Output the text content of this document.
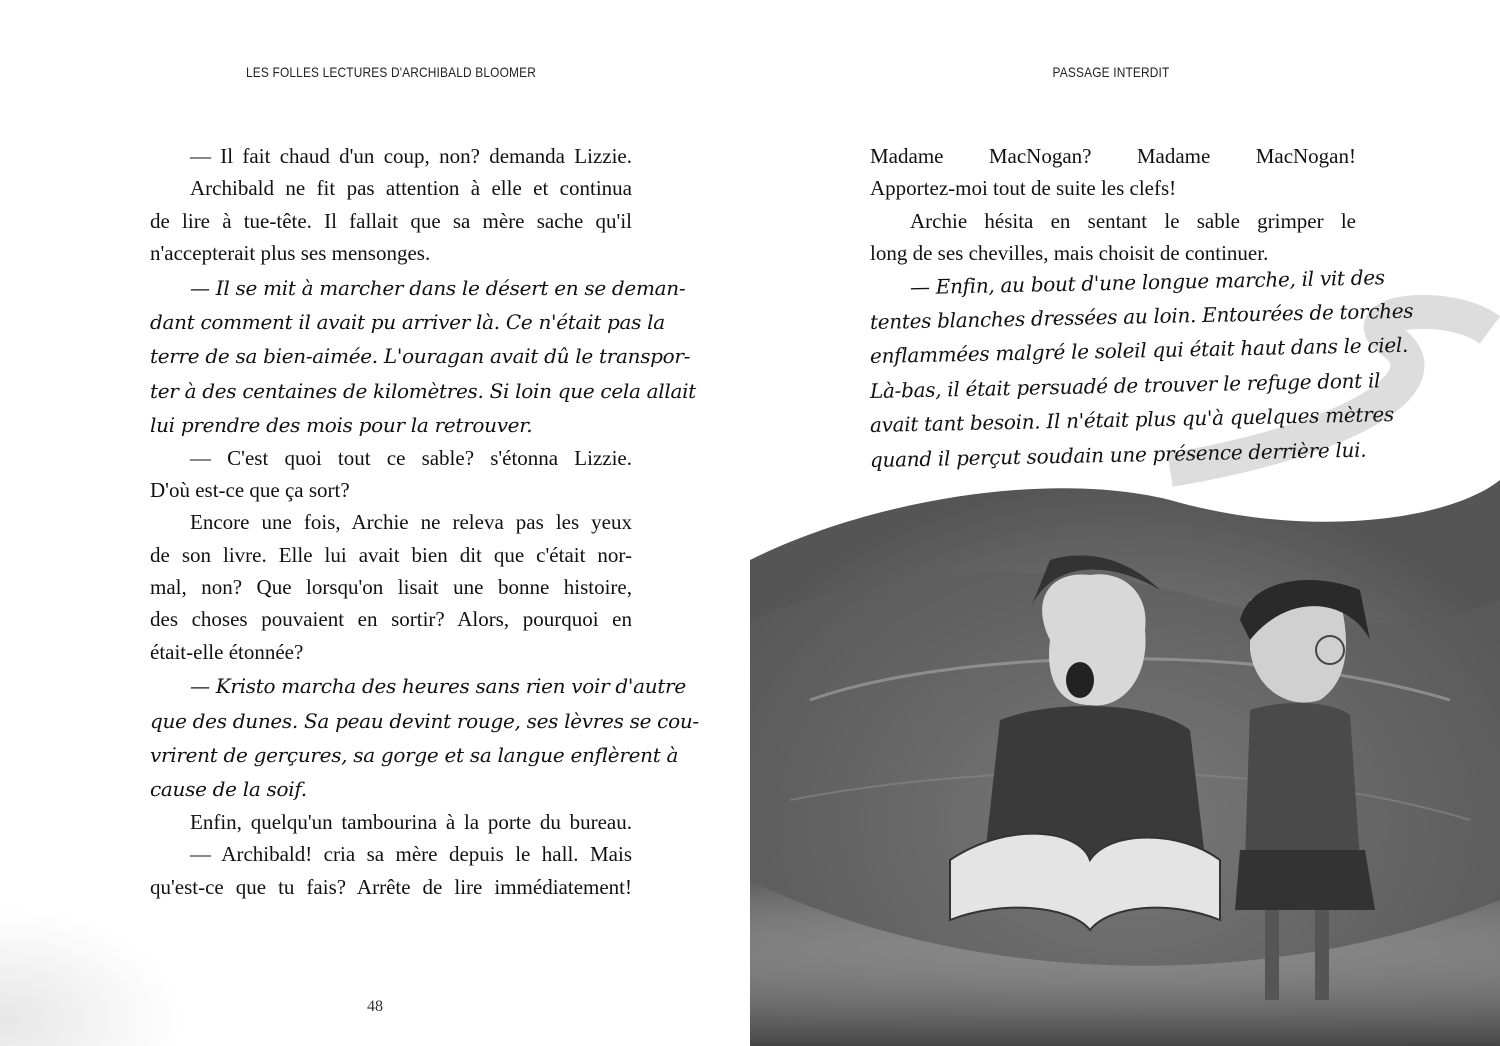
LES FOLLES LECTURES D'ARCHIBALD BLOOMER
— Il fait chaud d'un coup, non? demanda Lizzie.
Archibald ne fit pas attention à elle et continua
de lire à tue-tête. Il fallait que sa mère sache qu'il
n'accepterait plus ses mensonges.
— Il se mit à marcher dans le désert en se deman-
dant comment il avait pu arriver là. Ce n'était pas la
terre de sa bien-aimée. L'ouragan avait dû le transpor-
ter à des centaines de kilomètres. Si loin que cela allait
lui prendre des mois pour la retrouver.
— C'est quoi tout ce sable? s'étonna Lizzie.
D'où est-ce que ça sort?
Encore une fois, Archie ne releva pas les yeux
de son livre. Elle lui avait bien dit que c'était nor-
mal, non? Que lorsqu'on lisait une bonne histoire,
des choses pouvaient en sortir? Alors, pourquoi en
était-elle étonnée?
— Kristo marcha des heures sans rien voir d'autre
que des dunes. Sa peau devint rouge, ses lèvres se cou-
vrirent de gerçures, sa gorge et sa langue enflèrent à
cause de la soif.
Enfin, quelqu'un tambourina à la porte du bureau.
— Archibald! cria sa mère depuis le hall. Mais
qu'est-ce que tu fais? Arrête de lire immédiatement!
48
PASSAGE INTERDIT
Madame MacNogan? Madame MacNogan!
Apportez-moi tout de suite les clefs!
Archie hésita en sentant le sable grimper le
long de ses chevilles, mais choisit de continuer.
— Enfin, au bout d'une longue marche, il vit des
tentes blanches dressées au loin. Entourées de torches
enflammées malgré le soleil qui était haut dans le ciel.
Là-bas, il était persuadé de trouver le refuge dont il
avait tant besoin. Il n'était plus qu'à quelques mètres
quand il perçut soudain une présence derrière lui.
